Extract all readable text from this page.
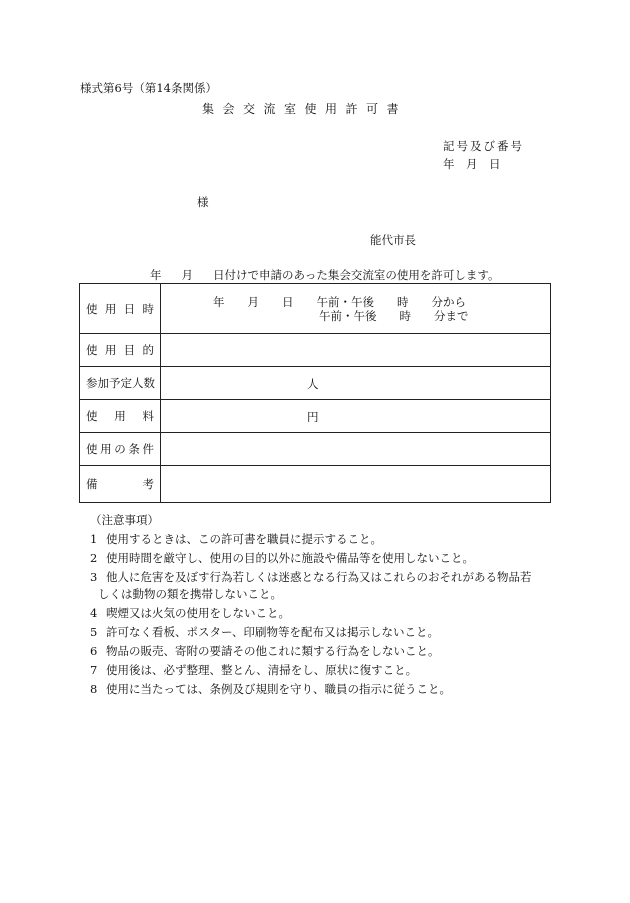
様式第6号（第14条関係）
集会交流室使用許可書
記号及び番号
年　月　日
様
能代市長
年 月 日付けで申請のあった集会交流室の使用を許可します。
使 用 日 時	年　　月　　日　　午前・午後　　時　　分から
午前・午後　　時　　分まで

使 用 目 的	

参加予定人数	人

使 用 料	円

使 用 の 条 件	

備 考	

（注意事項）
1 使用するときは、この許可書を職員に提示すること。
2 使用時間を厳守し、使用の目的以外に施設や備品等を使用しないこと。
3 他人に危害を及ぼす行為若しくは迷惑となる行為又はこれらのおそれがある物品若
しくは動物の類を携帯しないこと。
4 喫煙又は火気の使用をしないこと。
5 許可なく看板、ポスター、印刷物等を配布又は掲示しないこと。
6 物品の販売、寄附の要請その他これに類する行為をしないこと。
7 使用後は、必ず整理、整とん、清掃をし、原状に復すこと。
8 使用に当たっては、条例及び規則を守り、職員の指示に従うこと。
